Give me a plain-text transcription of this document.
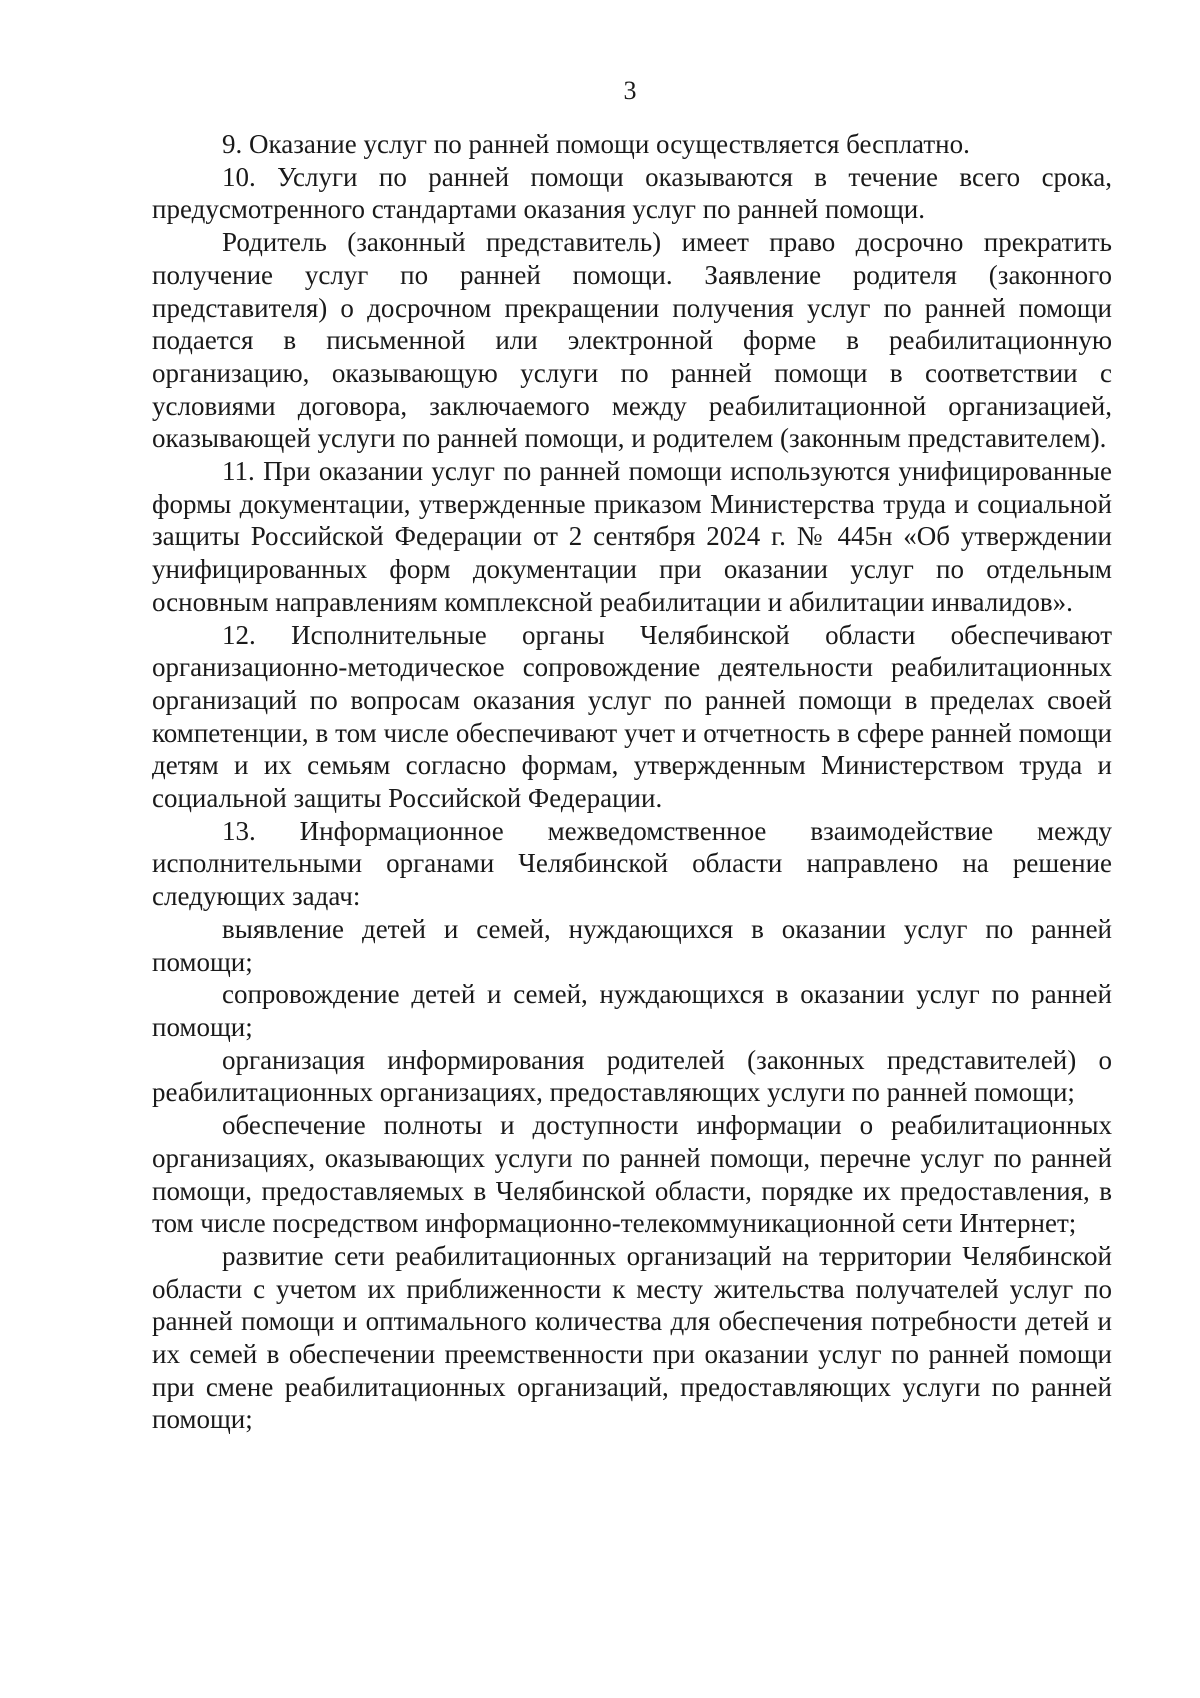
3

9. Оказание услуг по ранней помощи осуществляется бесплатно.

10. Услуги по ранней помощи оказываются в течение всего срока, предусмотренного стандартами оказания услуг по ранней помощи.

Родитель (законный представитель) имеет право досрочно прекратить получение услуг по ранней помощи. Заявление родителя (законного представителя) о досрочном прекращении получения услуг по ранней помощи подается в письменной или электронной форме в реабилитационную организацию, оказывающую услуги по ранней помощи в соответствии с условиями договора, заключаемого между реабилитационной организацией, оказывающей услуги по ранней помощи, и родителем (законным представителем).

11. При оказании услуг по ранней помощи используются унифицированные формы документации, утвержденные приказом Министерства труда и социальной защиты Российской Федерации от 2 сентября 2024 г. № 445н «Об утверждении унифицированных форм документации при оказании услуг по отдельным основным направлениям комплексной реабилитации и абилитации инвалидов».

12. Исполнительные органы Челябинской области обеспечивают организационно-методическое сопровождение деятельности реабилитационных организаций по вопросам оказания услуг по ранней помощи в пределах своей компетенции, в том числе обеспечивают учет и отчетность в сфере ранней помощи детям и их семьям согласно формам, утвержденным Министерством труда и социальной защиты Российской Федерации.

13. Информационное межведомственное взаимодействие между исполнительными органами Челябинской области направлено на решение следующих задач:

выявление детей и семей, нуждающихся в оказании услуг по ранней помощи;

сопровождение детей и семей, нуждающихся в оказании услуг по ранней помощи;

организация информирования родителей (законных представителей) о реабилитационных организациях, предоставляющих услуги по ранней помощи;

обеспечение полноты и доступности информации о реабилитационных организациях, оказывающих услуги по ранней помощи, перечне услуг по ранней помощи, предоставляемых в Челябинской области, порядке их предоставления, в том числе посредством информационно-телекоммуникационной сети Интернет;

развитие сети реабилитационных организаций на территории Челябинской области с учетом их приближенности к месту жительства получателей услуг по ранней помощи и оптимального количества для обеспечения потребности детей и их семей в обеспечении преемственности при оказании услуг по ранней помощи при смене реабилитационных организаций, предоставляющих услуги по ранней помощи;
